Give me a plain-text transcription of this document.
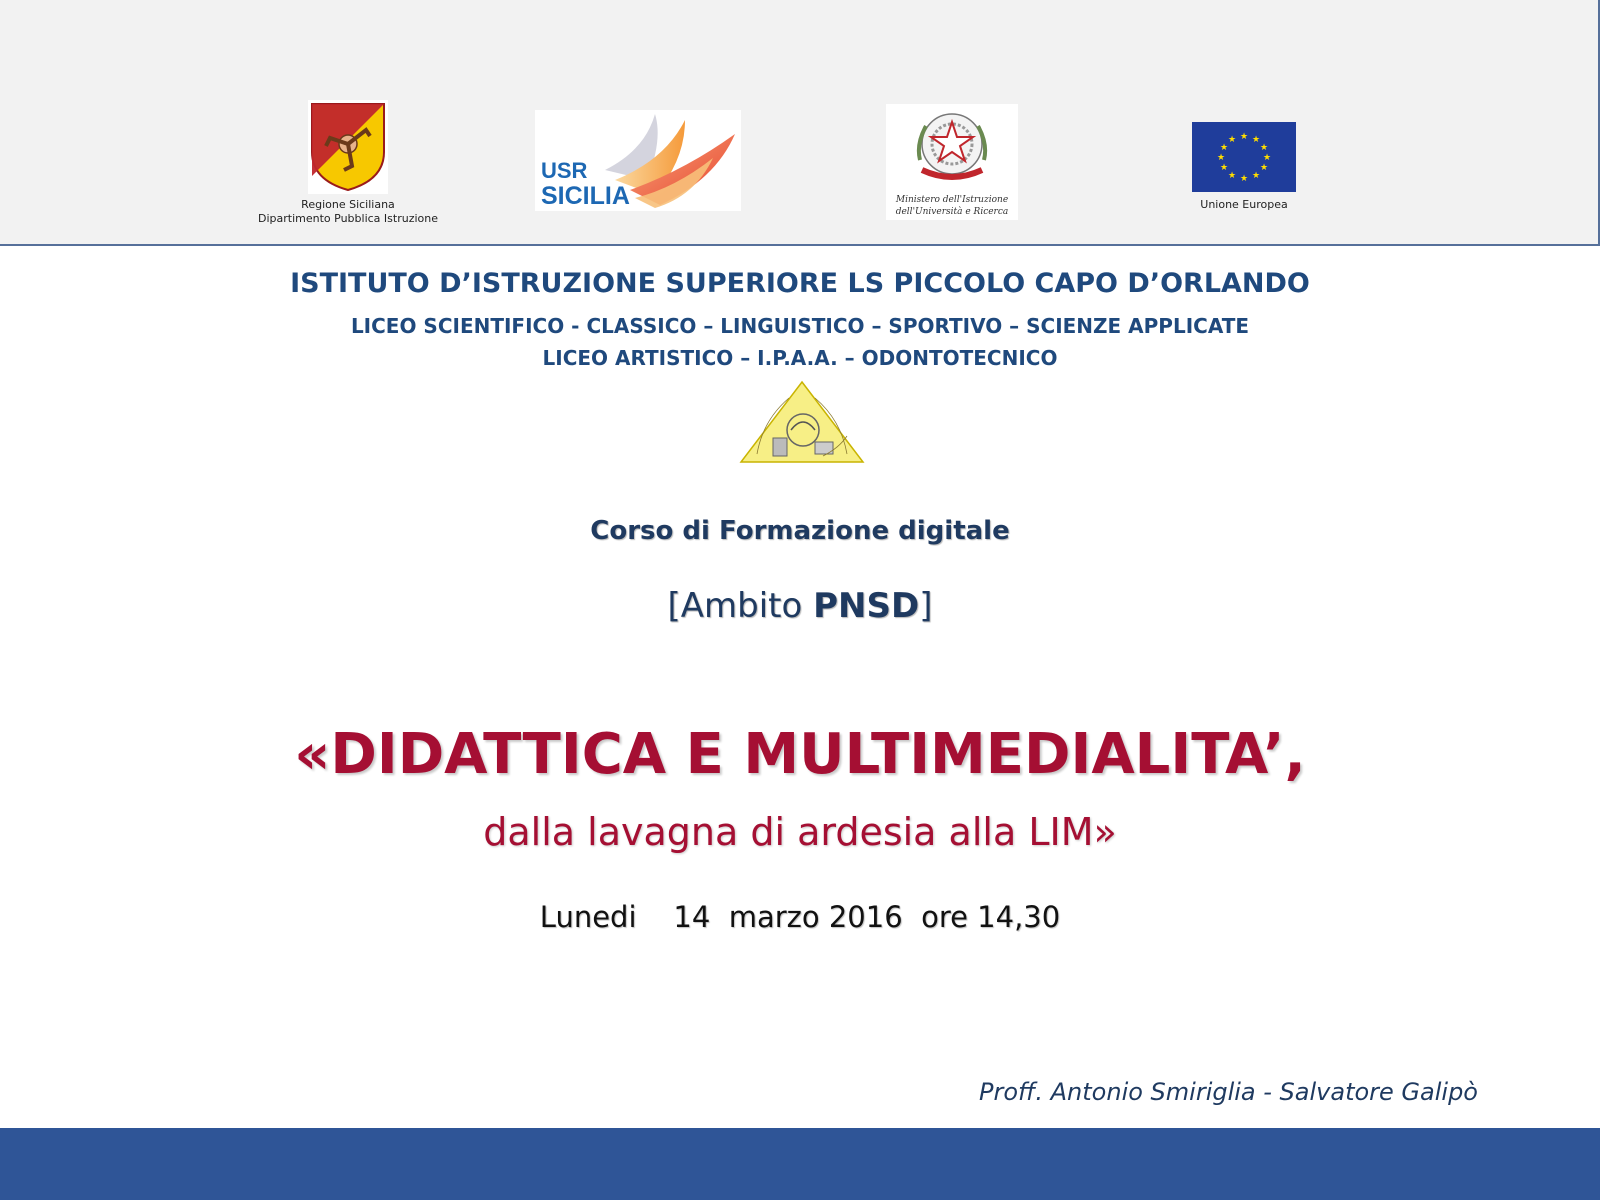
Regione Siciliana
Dipartimento Pubblica Istruzione
USR
SICILIA	Ministero dell'Istruzione
dell'Università e Ricerca
★ ★
★
★
★
★
★
★
★
★
★
★
Unione Europea
ISTITUTO D’ISTRUZIONE SUPERIORE LS PICCOLO CAPO D’ORLANDO
LICEO SCIENTIFICO - CLASSICO – LINGUISTICO – SPORTIVO – SCIENZE APPLICATE
LICEO ARTISTICO – I.P.A.A. – ODONTOTECNICO
Corso di Formazione digitale
[Ambito PNSD]
«DIDATTICA E MULTIMEDIALITA’,
dalla lavagna di ardesia alla LIM»
Lunedi    14  marzo 2016  ore 14,30
Proff. Antonio Smiriglia - Salvatore Galipò
